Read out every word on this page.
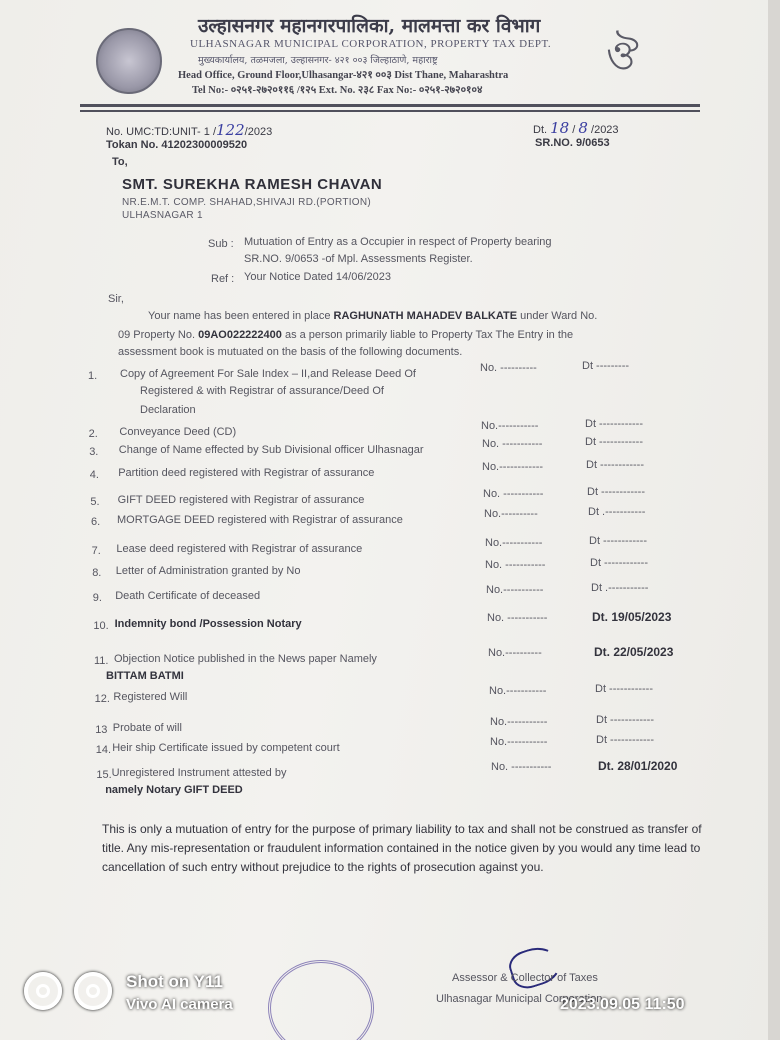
ঔ
उल्हासनगर महानगरपालिका, मालमत्ता कर विभाग
ULHASNAGAR MUNICIPAL CORPORATION, PROPERTY TAX DEPT.
मुख्यकार्यालय, तळमजला, उल्हासनगर- ४२१ ००३ जिल्हाठाणे, महाराष्ट्र
Head Office, Ground Floor,Ulhasangar-४२१ ००३ Dist Thane, Maharashtra
Tel No:- ०२५१-२७२०११६ /१२५ Ext. No. २३८ Fax No:- ०२५१-२७२०१०४
No. UMC:TD:UNIT- 1 /122/2023	Dt. 18 / 8 /2023
Tokan No. 41202300009520	SR.NO. 9/0653
To,
SMT. SUREKHA RAMESH CHAVAN
NR.E.M.T. COMP. SHAHAD,SHIVAJI RD.(PORTION)
ULHASNAGAR 1
Sub : Mutuation of Entry as a Occupier in respect of Property bearing
SR.NO. 9/0653 -of Mpl. Assessments Register.
Ref : Your Notice Dated 14/06/2023
Sir,
Your name has been entered in place RAGHUNATH MAHADEV BALKATE under Ward No.
09 Property No. 09AO022222400 as a person primarily liable to Property Tax The Entry in the
assessment book is mutuated on the basis of the following documents.
1. Copy of Agreement For Sale Index – II,and Release Deed Of
Registered & with Registrar of assurance/Deed Of
Declaration
No. ----------	Dt ---------
2. Conveyance Deed (CD)	No.-----------	Dt ------------
3. Change of Name effected by Sub Divisional officer Ulhasnagar	No. -----------	Dt ------------
4. Partition deed registered with Registrar of assurance	No.------------	Dt ------------
5. GIFT DEED registered with Registrar of assurance	No. -----------	Dt ------------
6. MORTGAGE DEED registered with Registrar of assurance	No.----------	Dt .-----------
7. Lease deed registered with Registrar of assurance	No.-----------	Dt ------------
8. Letter of Administration granted by No	No. -----------	Dt ------------
9. Death Certificate of deceased	No.-----------	Dt .-----------
10. Indemnity bond /Possession Notary	No. -----------	Dt. 19/05/2023
11. Objection Notice published in the News paper Namely
BITTAM BATMI
No.----------	Dt. 22/05/2023
12. Registered Will	No.-----------	Dt ------------
13 Probate of will	No.-----------	Dt ------------
14. Heir ship Certificate issued by competent court	No.-----------	Dt ------------
15. Unregistered Instrument attested by
namely Notary GIFT DEED
No. -----------	Dt. 28/01/2020
This is only a mutuation of entry for the purpose of primary liability to tax and shall not be construed as transfer of title. Any mis-representation or fraudulent information contained in the notice given by you would any time lead to cancellation of such entry without prejudice to the rights of prosecution against you.
Assessor & Collector of Taxes
Ulhasnagar Municipal Corporation
Shot on Y11
Vivo AI camera	2023.09.05 11:50
